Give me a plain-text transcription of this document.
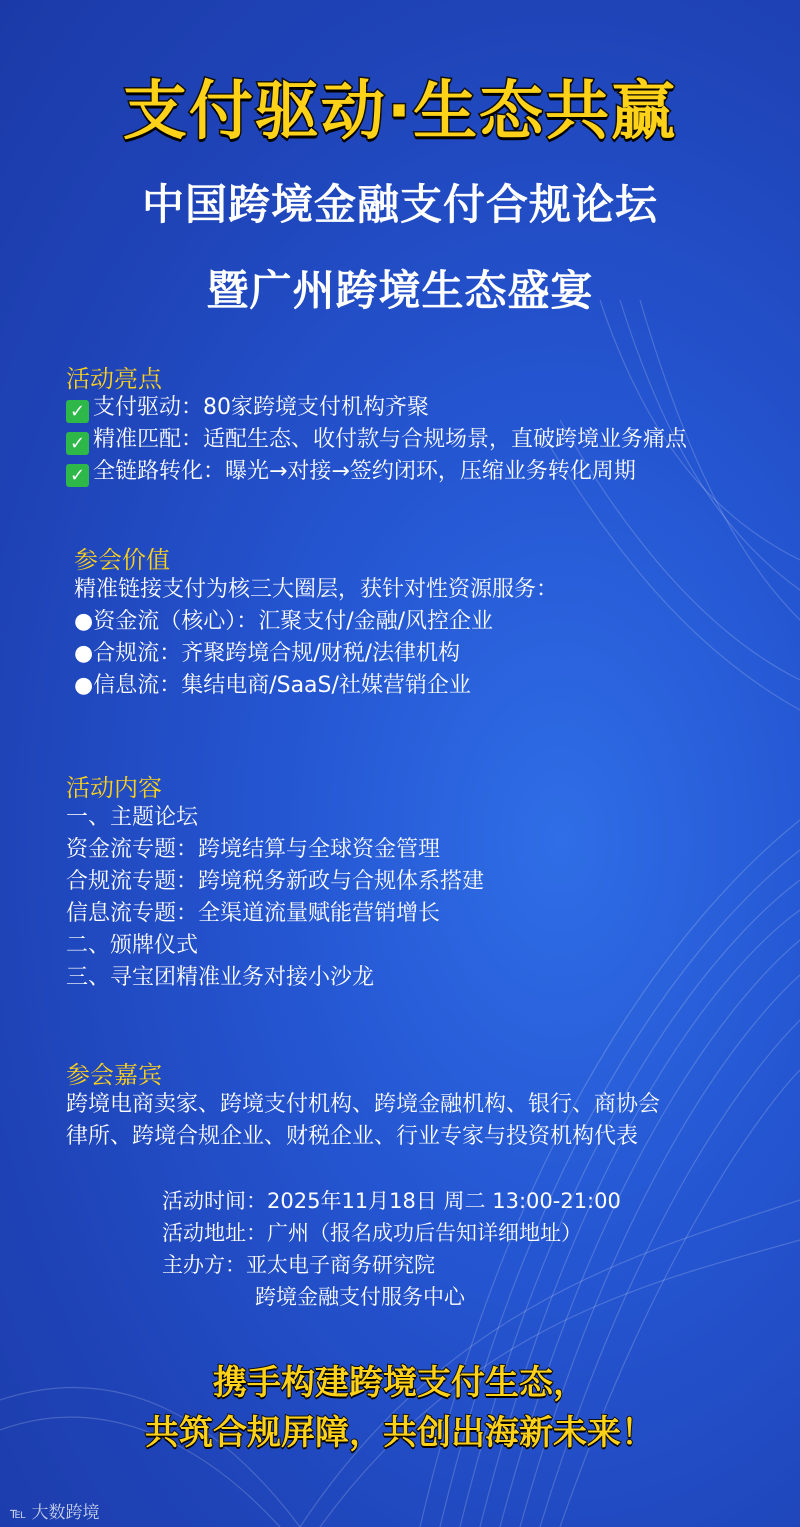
支付驱动·生态共赢
中国跨境金融支付合规论坛
暨广州跨境生态盛宴
活动亮点
✓ 支付驱动：80家跨境支付机构齐聚
✓ 精准匹配：适配生态、收付款与合规场景，直破跨境业务痛点
✓ 全链路转化：曝光→对接→签约闭环，压缩业务转化周期
参会价值
精准链接支付为核三大圈层，获针对性资源服务：
●资金流（核心）：汇聚支付/金融/风控企业
●合规流：齐聚跨境合规/财税/法律机构
●信息流：集结电商/SaaS/社媒营销企业
活动内容
一、主题论坛
资金流专题：跨境结算与全球资金管理
合规流专题：跨境税务新政与合规体系搭建
信息流专题：全渠道流量赋能营销增长
二、颁牌仪式
三、寻宝团精准业务对接小沙龙
参会嘉宾
跨境电商卖家、跨境支付机构、跨境金融机构、银行、商协会
律所、跨境合规企业、财税企业、行业专家与投资机构代表
活动时间：2025年11月18日 周二 13:00-21:00
活动地址：广州（报名成功后告知详细地址）
主办方：亚太电子商务研究院
跨境金融支付服务中心
携手构建跨境支付生态，
共筑合规屏障，共创出海新未来！
℡ 大数跨境
